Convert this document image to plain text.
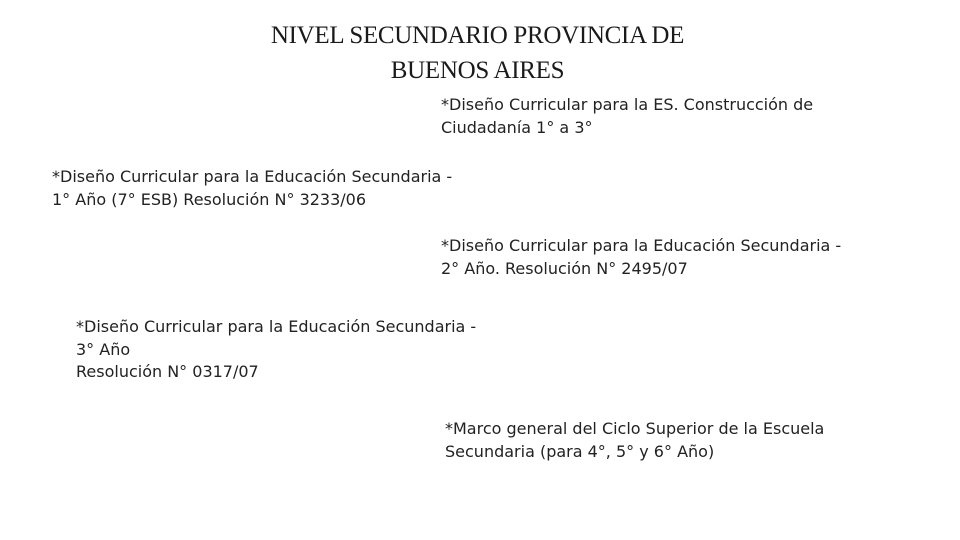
NIVEL SECUNDARIO PROVINCIA DE
BUENOS AIRES
*Diseño Curricular para la ES. Construcción de
Ciudadanía 1° a 3°
*Diseño Curricular para la Educación Secundaria -
1° Año (7° ESB) Resolución N° 3233/06
*Diseño Curricular para la Educación Secundaria -
2° Año. Resolución N° 2495/07
*Diseño Curricular para la Educación Secundaria -
3° Año
Resolución N° 0317/07
*Marco general del Ciclo Superior de la Escuela
Secundaria (para 4°, 5° y 6° Año)
